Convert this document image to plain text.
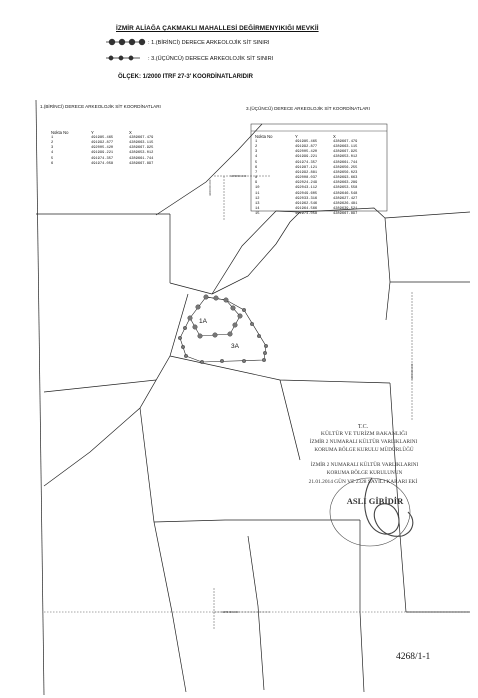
İZMİR ALİAĞA ÇAKMAKLI MAHALLESİ DEĞİRMENYIKIĞI MEVKİİ
: 1.(BİRİNCİ) DERECE ARKEOLOJİK SİT SINIRI
: 3.(ÜÇÜNCÜ) DERECE ARKEOLOJİK SİT SINIRI
ÖLÇEK: 1/2000 ITRF 27-3' KOORDİNATLARIDIR
1.(BİRİNCİ) DERECE ARKEOLOJİK SİT KOORDİNATLARI	3.(ÜÇÜNCÜ) DERECE ARKEOLOJİK SİT KOORDİNATLARI
Nokta No	Y	X
1	491985.465	4289667.479
2	491992.877	4289663.115
3	492005.420	4289667.925
4	491999.221	4289653.012
5	491974.357	4289661.744
6	491974.058	4289667.897
Nokta No	Y	X
1	491985.465	4289667.479
2	491992.877	4289663.115
3	492005.420	4289667.925
4	491999.221	4289653.012
5	491974.357	4289661.744
6	491987.121	4289656.255
7	491992.881	4289656.023
8	492008.037	4289693.663
9	492024.249	4289663.289
10	492043.112	4289653.558
11	492049.605	4289646.548
12	492033.316	4289627.427
13	491962.546	4289626.481
14	491964.566	4289639.521
15	491974.058	4289667.897
1A
3A
4289800.000
4289400.000
4400000.000
4400100.000
T.C.
KÜLTÜR VE TURİZM BAKANLIĞI
İZMİR 2 NUMARALI KÜLTÜR VARLIKLARINI
KORUMA BÖLGE KURULU MÜDÜRLÜĞÜ
İZMİR 2 NUMARALI KÜLTÜR VARLIKLARINI
KORUMA BÖLGE KURULUNUN
21.01.2014 GÜN VE 2328 SAYILI KARARI EKİ
ASLI GİBİDİR
4268/1-1
